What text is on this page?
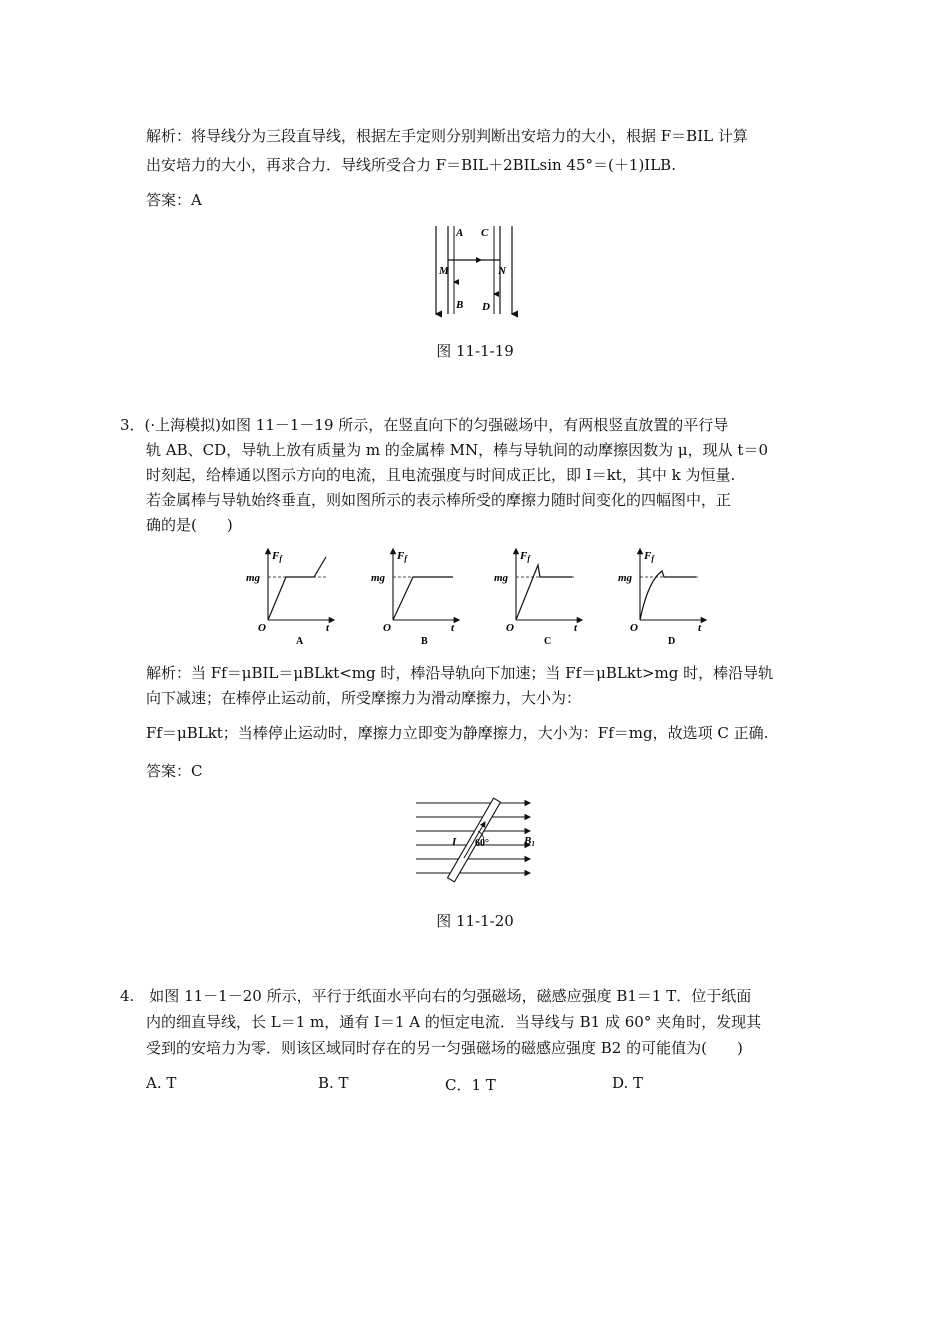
解析：将导线分为三段直导线，根据左手定则分别判断出安培力的大小，根据 F＝BIL 计算
出安培力的大小，再求合力．导线所受合力 F＝BIL＋2BILsin 45°＝(＋1)ILB.
答案：A
A C
M	N
B D
图 11-1-19
3．(·上海模拟)如图 11－1－19 所示，在竖直向下的匀强磁场中，有两根竖直放置的平行导
轨 AB、CD，导轨上放有质量为 m 的金属棒 MN，棒与导轨间的动摩擦因数为 μ，现从 t＝0
时刻起，给棒通以图示方向的电流，且电流强度与时间成正比，即 I＝kt，其中 k 为恒量.
若金属棒与导轨始终垂直，则如图所示的表示棒所受的摩擦力随时间变化的四幅图中，正
确的是(　　)
Ff
mg
O	t
A
Ff
mg
O	t
B
Ff
mg
O	t
C
Ff
mg
O	t
D
解析：当 Ff＝μBIL＝μBLkt<mg 时，棒沿导轨向下加速；当 Ff＝μBLkt>mg 时，棒沿导轨
向下减速；在棒停止运动前，所受摩擦力为滑动摩擦力，大小为：
Ff＝μBLkt；当棒停止运动时，摩擦力立即变为静摩擦力，大小为：Ff＝mg，故选项 C 正确.
答案：C
I 60°	B1
图 11-1-20
4.　如图 11－1－20 所示，平行于纸面水平向右的匀强磁场，磁感应强度 B1＝1 T．位于纸面
内的细直导线，长 L＝1 m，通有 I＝1 A 的恒定电流．当导线与 B1 成 60° 夹角时，发现其
受到的安培力为零．则该区域同时存在的另一匀强磁场的磁感应强度 B2 的可能值为(　　)
A. T	B. T	C．1 T	D. T
